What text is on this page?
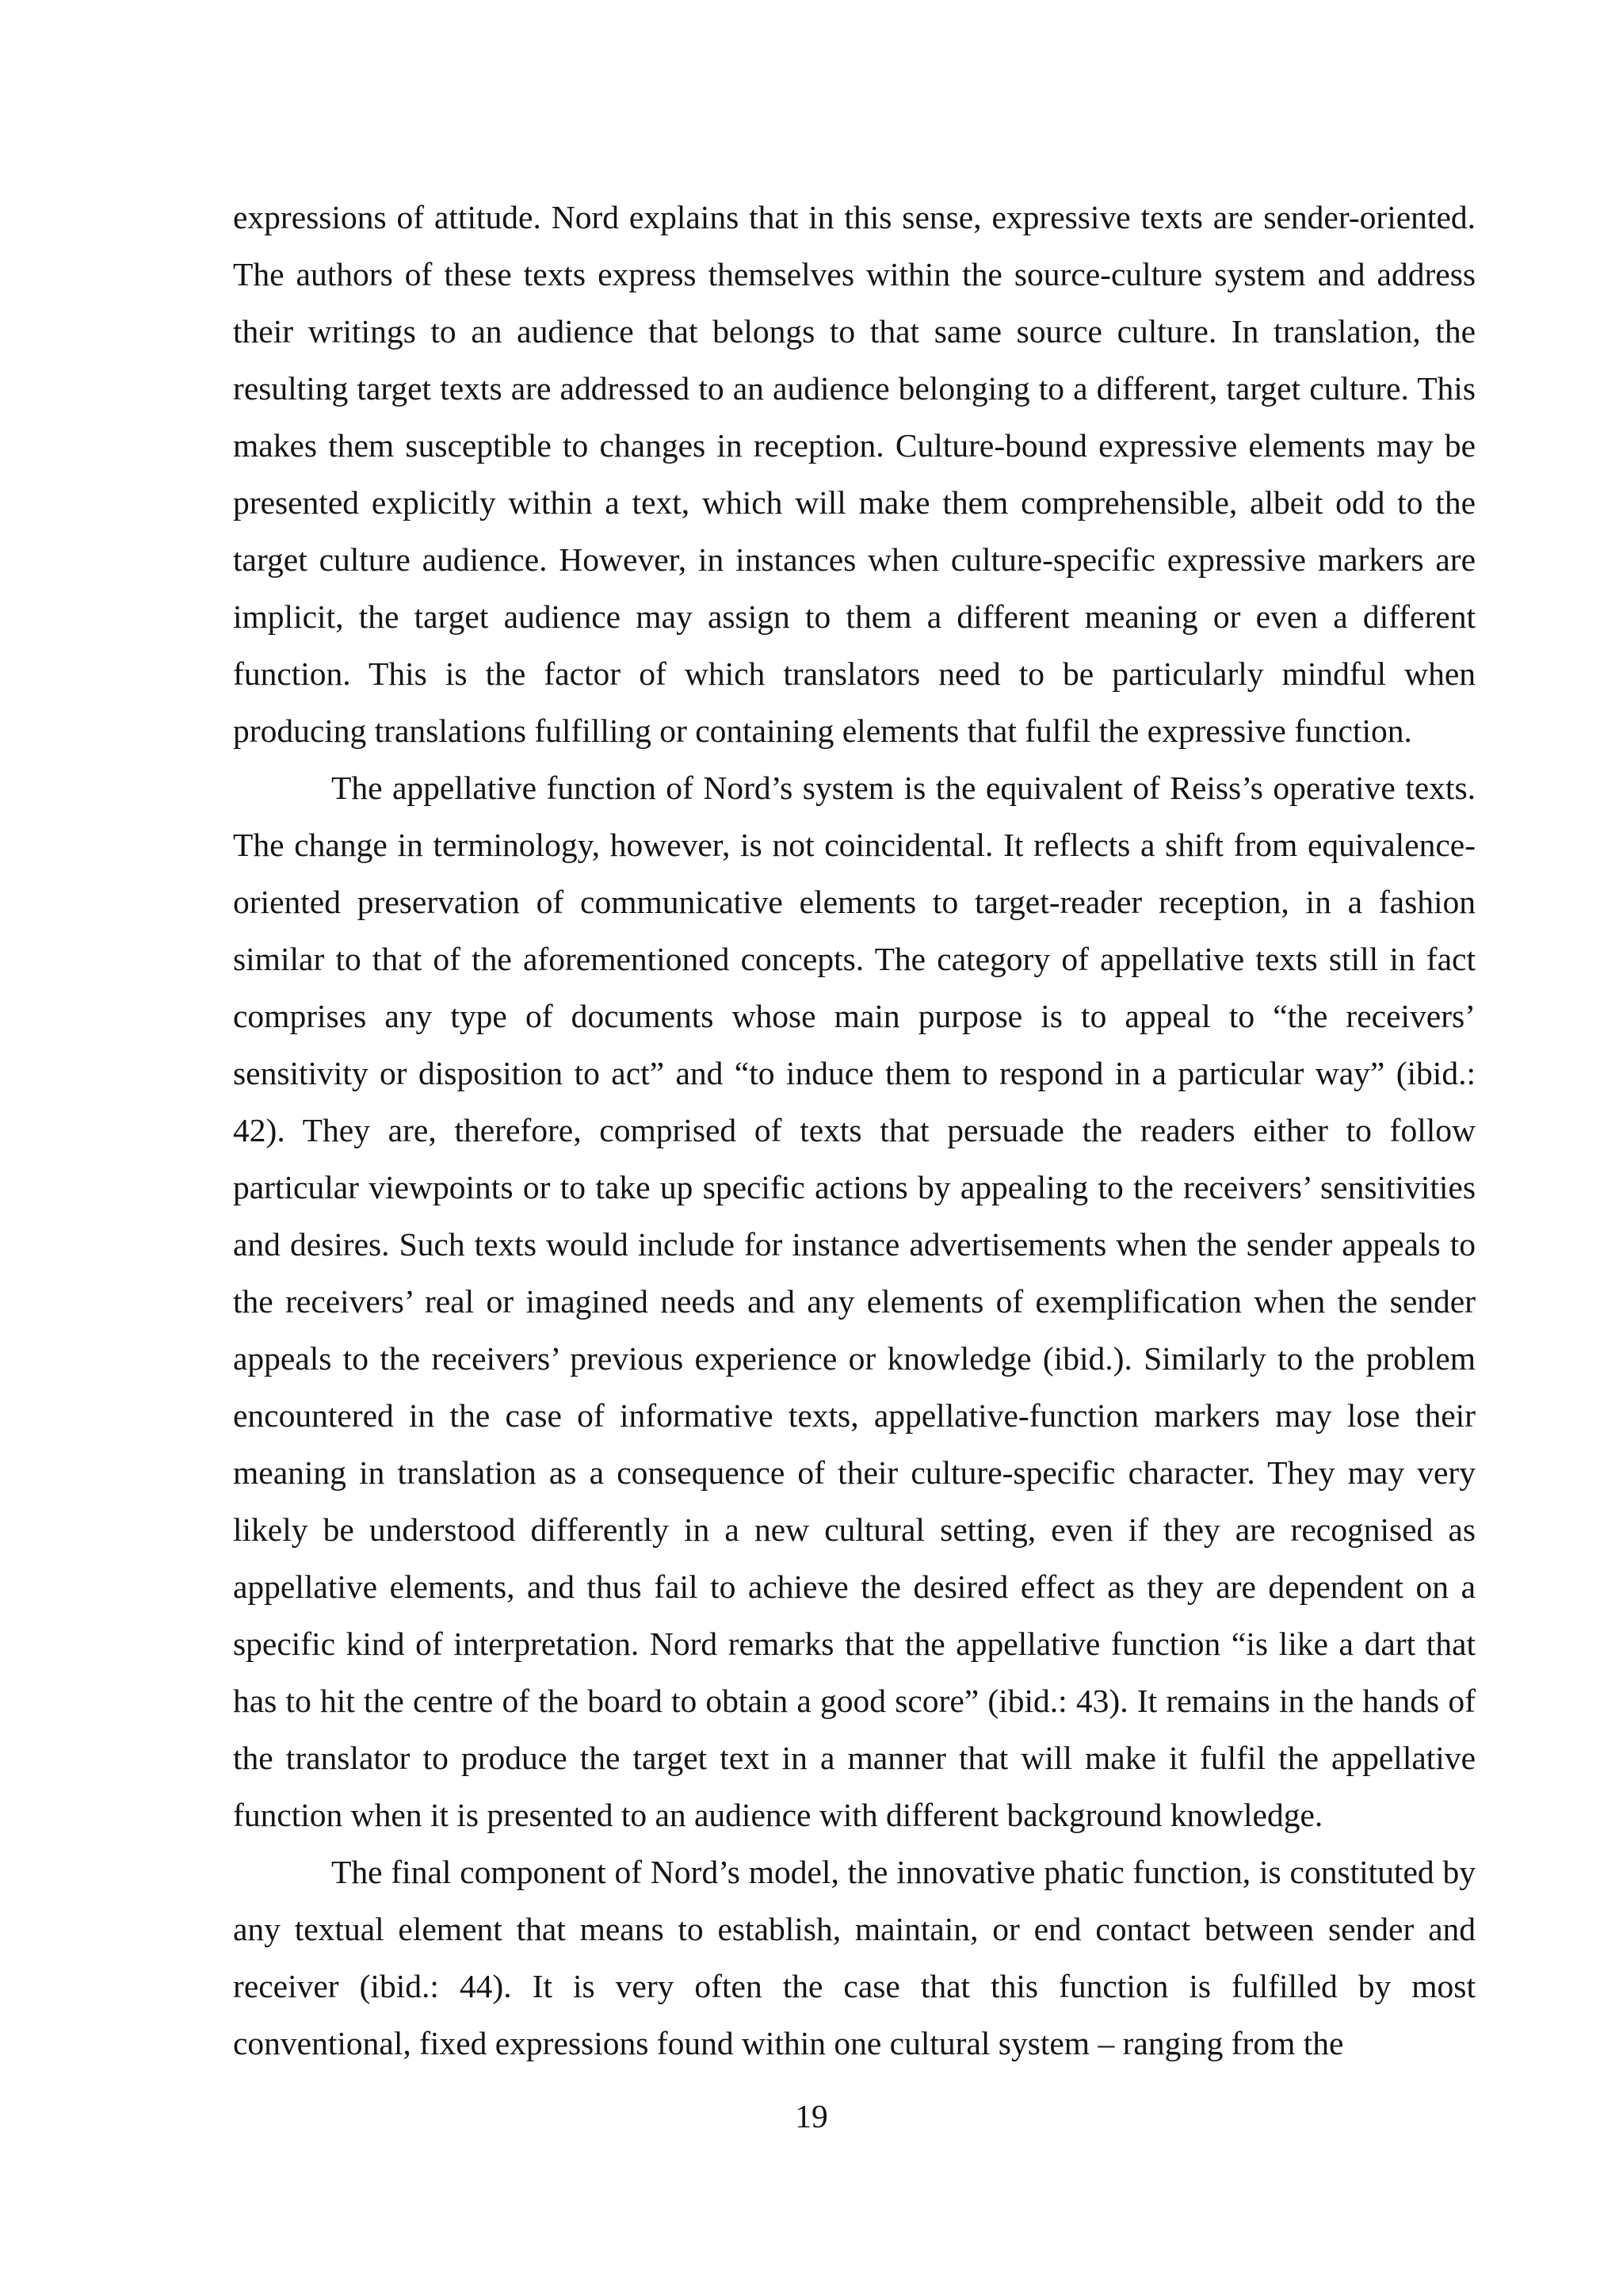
expressions of attitude. Nord explains that in this sense, expressive texts are sender-oriented. The authors of these texts express themselves within the source-culture system and address their writings to an audience that belongs to that same source culture. In translation, the resulting target texts are addressed to an audience belonging to a different, target culture. This makes them susceptible to changes in reception. Culture-bound expressive elements may be presented explicitly within a text, which will make them comprehensible, albeit odd to the target culture audience. However, in instances when culture-specific expressive markers are implicit, the target audience may assign to them a different meaning or even a different function. This is the factor of which translators need to be particularly mindful when producing translations fulfilling or containing elements that fulfil the expressive function.

The appellative function of Nord’s system is the equivalent of Reiss’s operative texts. The change in terminology, however, is not coincidental. It reflects a shift from equivalence-oriented preservation of communicative elements to target-reader reception, in a fashion similar to that of the aforementioned concepts. The category of appellative texts still in fact comprises any type of documents whose main purpose is to appeal to “the receivers’ sensitivity or disposition to act” and “to induce them to respond in a particular way” (ibid.: 42). They are, therefore, comprised of texts that persuade the readers either to follow particular viewpoints or to take up specific actions by appealing to the receivers’ sensitivities and desires. Such texts would include for instance advertisements when the sender appeals to the receivers’ real or imagined needs and any elements of exemplification when the sender appeals to the receivers’ previous experience or knowledge (ibid.). Similarly to the problem encountered in the case of informative texts, appellative-function markers may lose their meaning in translation as a consequence of their culture-specific character. They may very likely be understood differently in a new cultural setting, even if they are recognised as appellative elements, and thus fail to achieve the desired effect as they are dependent on a specific kind of interpretation. Nord remarks that the appellative function “is like a dart that has to hit the centre of the board to obtain a good score” (ibid.: 43). It remains in the hands of the translator to produce the target text in a manner that will make it fulfil the appellative function when it is presented to an audience with different background knowledge.

The final component of Nord’s model, the innovative phatic function, is constituted by any textual element that means to establish, maintain, or end contact between sender and receiver (ibid.: 44). It is very often the case that this function is fulfilled by most conventional, fixed expressions found within one cultural system – ranging from the

19
